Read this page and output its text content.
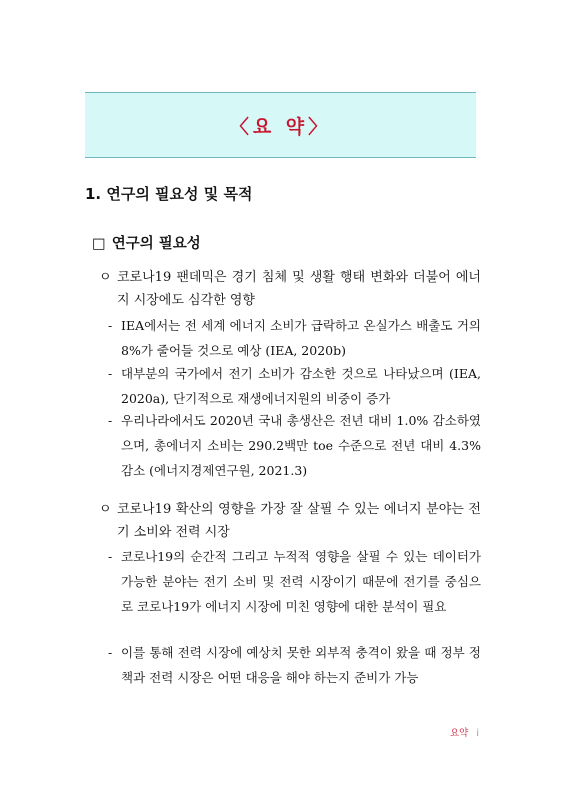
〈요 약〉
1. 연구의 필요성 및 목적
□ 연구의 필요성
ㅇ 코로나19 팬데믹은 경기 침체 및 생활 행태 변화와 더불어 에너지 시장에도 심각한 영향
- IEA에서는 전 세계 에너지 소비가 급락하고 온실가스 배출도 거의 8%가 줄어들 것으로 예상 (IEA, 2020b)
- 대부분의 국가에서 전기 소비가 감소한 것으로 나타났으며 (IEA, 2020a), 단기적으로 재생에너지원의 비중이 증가
- 우리나라에서도 2020년 국내 총생산은 전년 대비 1.0% 감소하였으며, 총에너지 소비는 290.2백만 toe 수준으로 전년 대비 4.3% 감소 (에너지경제연구원, 2021.3)
ㅇ 코로나19 확산의 영향을 가장 잘 살필 수 있는 에너지 분야는 전기 소비와 전력 시장
- 코로나19의 순간적 그리고 누적적 영향을 살필 수 있는 데이터가 가능한 분야는 전기 소비 및 전력 시장이기 때문에 전기를 중심으로 코로나19가 에너지 시장에 미친 영향에 대한 분석이 필요
- 이를 통해 전력 시장에 예상치 못한 외부적 충격이 왔을 때 정부 정책과 전력 시장은 어떤 대응을 해야 하는지 준비가 가능
요약 i
